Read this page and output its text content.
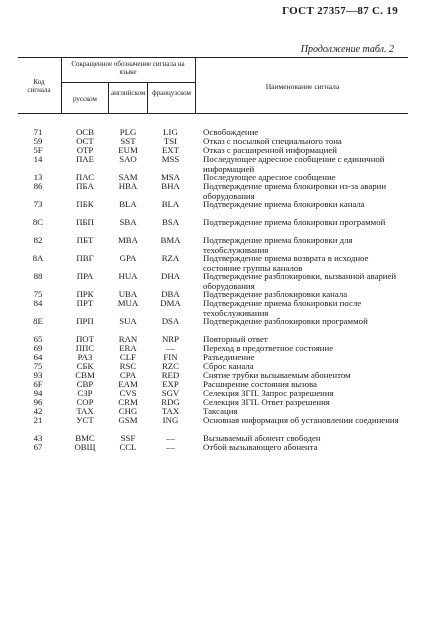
ГОСТ 27357—87 С. 19
Продолжение табл. 2
Код сигнала
Сокращенное обозначение сигнала на языке
русском
английском французском
Наименование сигнала
71	OCB	PLG	LIG	Освобождение
59	OCT	SST	TSI	Отказ с посылкой специального тона
5F	OTP	EUM	EXT	Отказ с расширенной информацией
14	ПАЕ	SAO	MSS	Последующее адресное сообщение с единичной информацией
13	ПАС	SAM	MSA	Последующее адресное сообщение
86	ПБА	HBA	BHA	Подтверждение приема блокировки из-за аварии оборудования
73	ПБК	BLA	BLA	Подтверждение приема блокировки канала
8C	ПБП	SBA	BSA	Подтверждение приема блокировки программой
82	ПБТ	MBA	BMA	Подтверждение приема блокировки для техобслуживания
8A	ПВГ	GPA	RZA	Подтверждение приема возврата в исходное состояние группы каналов
88	ПРА	HUA	DHA	Подтверждение разблокировки, вызванной аварией оборудования
75	ПРК	UBA	DBA	Подтверждение разблокировки канала
84	ПРТ	MUA	DMA	Подтверждение приема блокировки после техобслуживания
8E	ПРП	SUA	DSA	Подтверждение разблокировки программой
65	ПОТ	RAN	NRP	Повторный ответ
69	ППС	ERA	—	Переход в предответное состояние
64	PA3	CLF	FIN	Разъединение
75	СБК	RSC	RZC	Сброс канала
93	СВМ	CPA	RED	Снятие трубки вызываемым абонентом
6F	СВР	EAM	EXP	Расширение состояния вызова
94	СЗР	CVS	SGV	Селекция ЗГП. Запрос разрешения
96	СОР	CRM	RDG	Селекция ЗГП. Ответ разрешения
42	TAX	CHG	TAX	Таксация
21	УСТ	GSM	ING	Основная информация об установлении соединения
43	ВМС	SSF	—	Вызываемый абонент свободен
67	ОВЩ	CCL	—	Отбой вызывающего абонента
